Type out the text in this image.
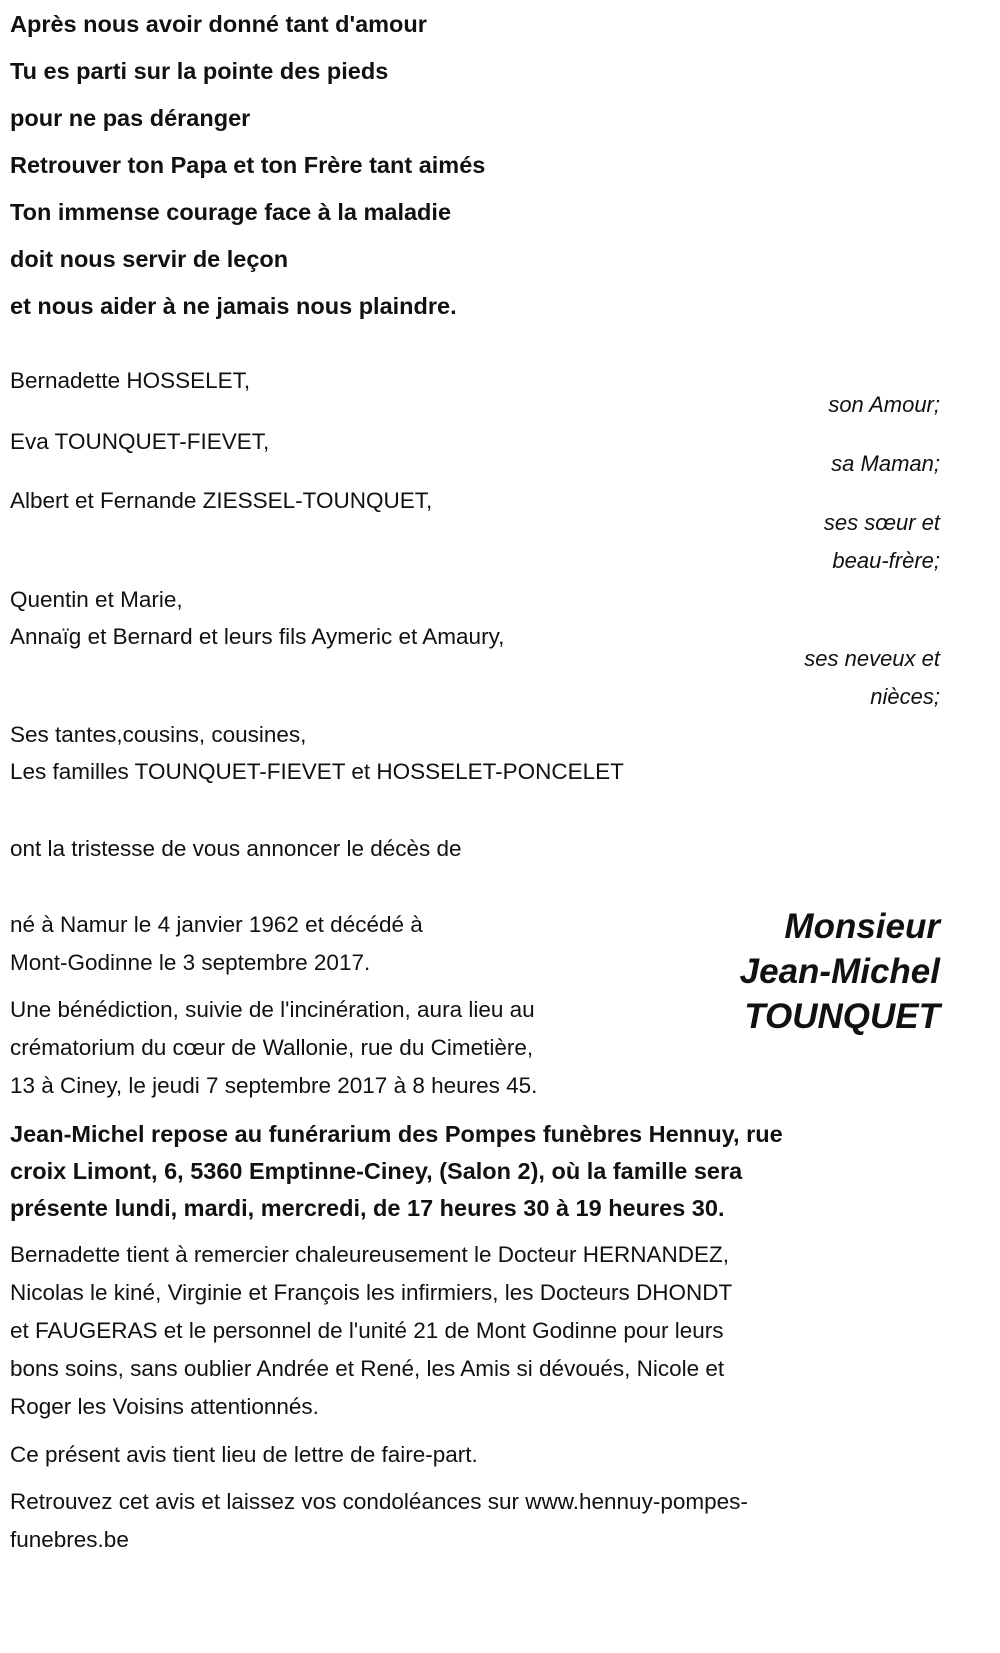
Après nous avoir donné tant d'amour
Tu es parti sur la pointe des pieds
pour ne pas déranger
Retrouver ton Papa et ton Frère tant aimés
Ton immense courage face à la maladie
doit nous servir de leçon
et nous aider à ne jamais nous plaindre.
Bernadette HOSSELET,
son Amour;
Eva TOUNQUET-FIEVET,
sa Maman;
Albert et Fernande ZIESSEL-TOUNQUET,
ses sœur et
beau-frère;
Quentin et Marie,
Annaïg et Bernard et leurs fils Aymeric et Amaury,
ses neveux et
nièces;
Ses tantes,cousins, cousines,
Les familles TOUNQUET-FIEVET et HOSSELET-PONCELET
ont la tristesse de vous annoncer le décès de
Monsieur
Jean-Michel
TOUNQUET
né à Namur le 4 janvier 1962 et décédé à
Mont-Godinne le 3 septembre 2017.
Une bénédiction, suivie de l'incinération, aura lieu au
crématorium du cœur de Wallonie, rue du Cimetière,
13 à Ciney, le jeudi 7 septembre 2017 à 8 heures 45.
Jean-Michel repose au funérarium des Pompes funèbres Hennuy, rue
croix Limont, 6, 5360 Emptinne-Ciney, (Salon 2), où la famille sera
présente lundi, mardi, mercredi, de 17 heures 30 à 19 heures 30.
Bernadette tient à remercier chaleureusement le Docteur HERNANDEZ,
Nicolas le kiné, Virginie et François les infirmiers, les Docteurs DHONDT
et FAUGERAS et le personnel de l'unité 21 de Mont Godinne pour leurs
bons soins, sans oublier Andrée et René, les Amis si dévoués, Nicole et
Roger les Voisins attentionnés.
Ce présent avis tient lieu de lettre de faire-part.
Retrouvez cet avis et laissez vos condoléances sur www.hennuy-pompes-
funebres.be
